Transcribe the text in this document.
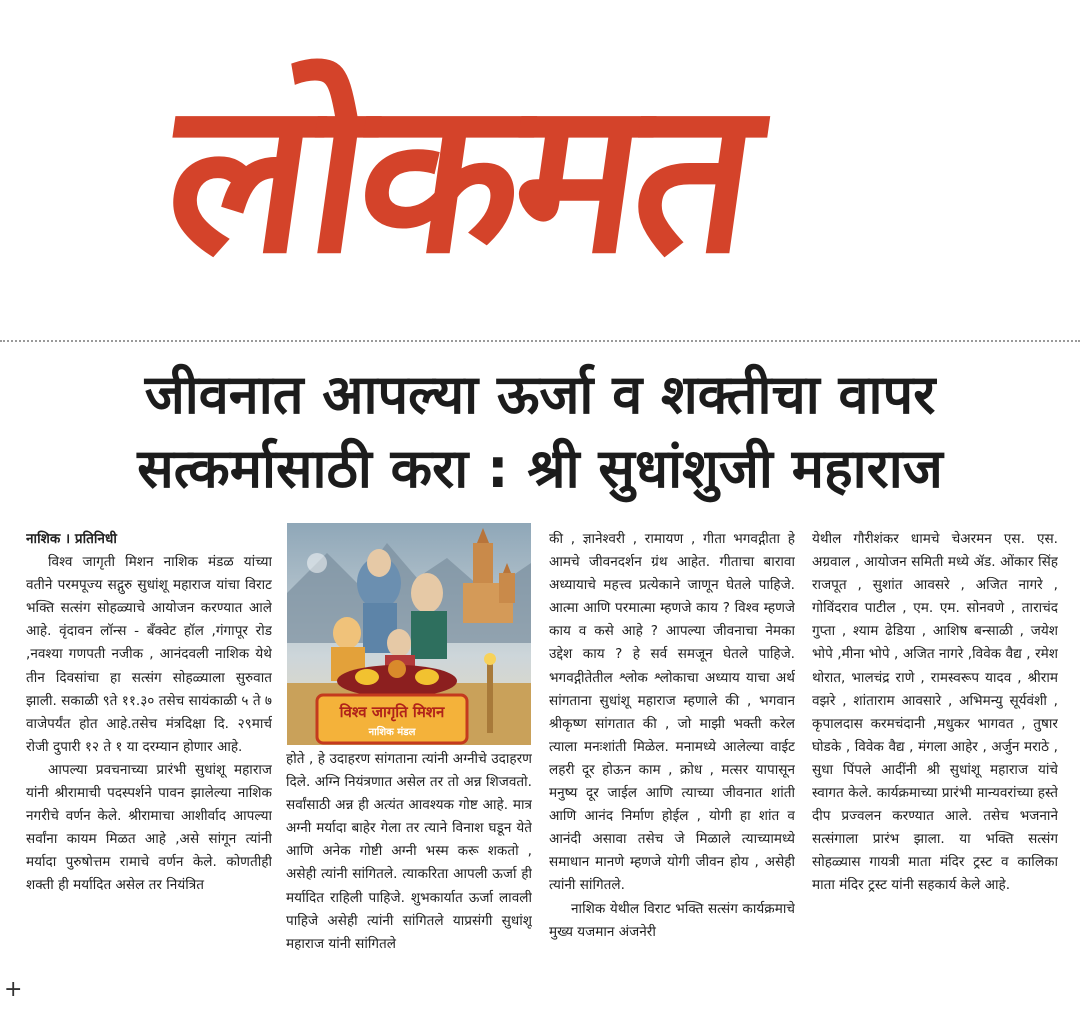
लोकमत
जीवनात आपल्या ऊर्जा व शक्तीचा वापर
सत्कर्मासाठी करा : श्री सुधांशुजी महाराज

नाशिक । प्रतिनिधी

विश्व जागृती मिशन नाशिक मंडळ यांच्या वतीने परमपूज्य सद्गुरु सुधांशू महाराज यांचा विराट भक्ति सत्संग सोहळ्याचे आयोजन करण्यात आले आहे. वृंदावन लॉन्स - बँक्वेट हॉल ,गंगापूर रोड ,नवश्या गणपती नजीक , आनंदवली नाशिक येथे तीन दिवसांचा हा सत्संग सोहळ्याला सुरुवात झाली. सकाळी ९ते ११.३० तसेच सायंकाळी ५ ते ७ वाजेपर्यंत होत आहे.तसेच मंत्रदिक्षा दि. २९मार्च रोजी दुपारी १२ ते १ या दरम्यान होणार आहे.

आपल्या प्रवचनाच्या प्रारंभी सुधांशू महाराज यांनी श्रीरामाची पदस्पर्शने पावन झालेल्या नाशिक नगरीचे वर्णन केले. श्रीरामाचा आशीर्वाद आपल्या सर्वांना कायम मिळत आहे ,असे सांगून त्यांनी मर्यादा पुरुषोत्तम रामाचे वर्णन केले. कोणतीही शक्ती ही मर्यादित असेल तर नियंत्रित

विश्व जागृति मिशन
नाशिक मंडल

होते , हे उदाहरण सांगताना त्यांनी अग्नीचे उदाहरण दिले. अग्नि नियंत्रणात असेल तर तो अन्न शिजवतो. सर्वांसाठी अन्न ही अत्यंत आवश्यक गोष्ट आहे. मात्र अग्नी मर्यादा बाहेर गेला तर त्याने विनाश घडून येते आणि अनेक गोष्टी अग्नी भस्म करू शकतो , असेही त्यांनी सांगितले. त्याकरिता आपली ऊर्जा ही मर्यादित राहिली पाहिजे. शुभकार्यात ऊर्जा लावली पाहिजे असेही त्यांनी सांगितले याप्रसंगी सुधांशू महाराज यांनी सांगितले

की , ज्ञानेश्वरी , रामायण , गीता भगवद्गीता हे आमचे जीवनदर्शन ग्रंथ आहेत. गीताचा बारावा अध्यायाचे महत्त्व प्रत्येकाने जाणून घेतले पाहिजे. आत्मा आणि परमात्मा म्हणजे काय ? विश्व म्हणजे काय व कसे आहे ? आपल्या जीवनाचा नेमका उद्देश काय ? हे सर्व समजून घेतले पाहिजे. भगवद्गीतेतील श्लोक श्लोकाचा अध्याय याचा अर्थ सांगताना सुधांशू महाराज म्हणाले की , भगवान श्रीकृष्ण सांगतात की , जो माझी भक्ती करेल त्याला मनःशांती मिळेल. मनामध्ये आलेल्या वाईट लहरी दूर होऊन काम , क्रोध , मत्सर यापासून मनुष्य दूर जाईल आणि त्याच्या जीवनात शांती आणि आनंद निर्माण होईल , योगी हा शांत व आनंदी असावा तसेच जे मिळाले त्याच्यामध्ये समाधान मानणे म्हणजे योगी जीवन होय , असेही त्यांनी सांगितले.

नाशिक येथील विराट भक्ति सत्संग कार्यक्रमाचे मुख्य यजमान अंजनेरी

येथील गौरीशंकर धामचे चेअरमन एस. एस. अग्रवाल , आयोजन समिती मध्ये ॲड. ओंकार सिंह राजपूत , सुशांत आवसरे , अजित नागरे , गोविंदराव पाटील , एम. एम. सोनवणे , ताराचंद गुप्ता , श्याम ढेडिया , आशिष बन्साळी , जयेश भोपे ,मीना भोपे , अजित नागरे ,विवेक वैद्य , रमेश थोरात, भालचंद्र राणे , रामस्वरूप यादव , श्रीराम वझरे , शांताराम आवसारे , अभिमन्यु सूर्यवंशी , कृपालदास करमचंदानी ,मधुकर भागवत , तुषार घोडके , विवेक वैद्य , मंगला आहेर , अर्जुन मराठे , सुधा पिंपले आदींनी श्री सुधांशू महाराज यांचे स्वागत केले. कार्यक्रमाच्या प्रारंभी मान्यवरांच्या हस्ते दीप प्रज्वलन करण्यात आले. तसेच भजनाने सत्संगाला प्रारंभ झाला. या भक्ति सत्संग सोहळ्यास गायत्री माता मंदिर ट्रस्ट व कालिका माता मंदिर ट्रस्ट यांनी सहकार्य केले आहे.

+
